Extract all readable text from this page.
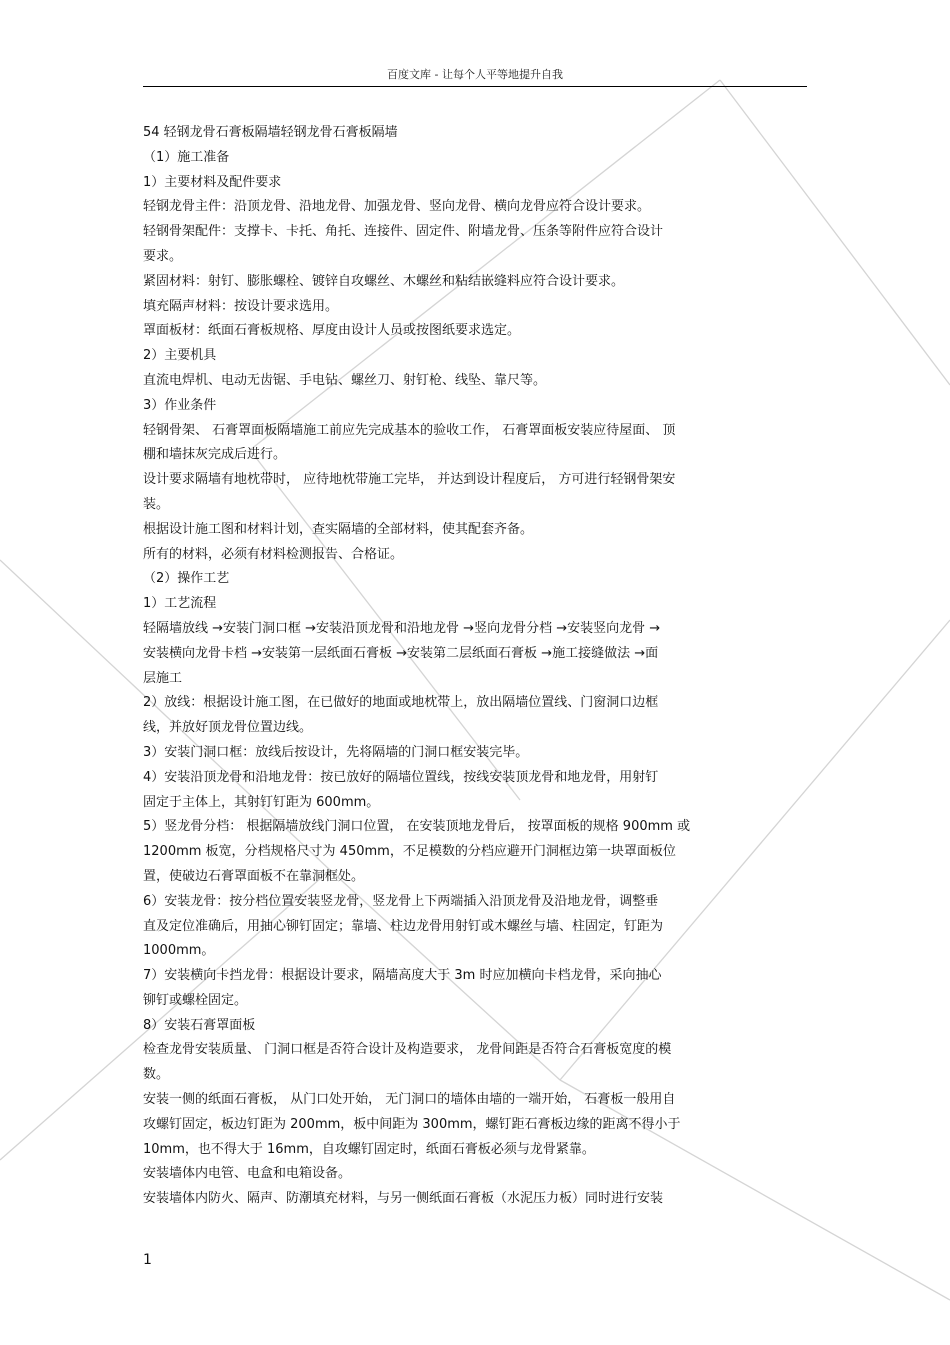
百度文库 - 让每个人平等地提升自我

54 轻钢龙骨石膏板隔墙轻钢龙骨石膏板隔墙

（1）施工准备

1）主要材料及配件要求

轻钢龙骨主件：沿顶龙骨、沿地龙骨、加强龙骨、竖向龙骨、横向龙骨应符合设计要求。

轻钢骨架配件：支撑卡、卡托、角托、连接件、固定件、附墙龙骨、压条等附件应符合设计

要求。

紧固材料：射钉、膨胀螺栓、镀锌自攻螺丝、木螺丝和粘结嵌缝料应符合设计要求。

填充隔声材料：按设计要求选用。

罩面板材：纸面石膏板规格、厚度由设计人员或按图纸要求选定。

2）主要机具

直流电焊机、电动无齿锯、手电钻、螺丝刀、射钉枪、线坠、靠尺等。

3）作业条件

轻钢骨架、 石膏罩面板隔墙施工前应先完成基本的验收工作， 石膏罩面板安装应待屋面、 顶

棚和墙抹灰完成后进行。

设计要求隔墙有地枕带时， 应待地枕带施工完毕， 并达到设计程度后， 方可进行轻钢骨架安

装。

根据设计施工图和材料计划，查实隔墙的全部材料，使其配套齐备。

所有的材料，必须有材料检测报告、合格证。

（2）操作工艺

1）工艺流程

轻隔墙放线 →安装门洞口框 →安装沿顶龙骨和沿地龙骨 →竖向龙骨分档 →安装竖向龙骨 →

安装横向龙骨卡档 →安装第一层纸面石膏板 →安装第二层纸面石膏板 →施工接缝做法 →面

层施工

2）放线：根据设计施工图，在已做好的地面或地枕带上，放出隔墙位置线、门窗洞口边框

线，并放好顶龙骨位置边线。

3）安装门洞口框：放线后按设计，先将隔墙的门洞口框安装完毕。

4）安装沿顶龙骨和沿地龙骨：按已放好的隔墙位置线，按线安装顶龙骨和地龙骨，用射钉

固定于主体上，其射钉钉距为 600mm。

5）竖龙骨分档： 根据隔墙放线门洞口位置， 在安装顶地龙骨后， 按罩面板的规格 900mm 或

1200mm 板宽，分档规格尺寸为 450mm，不足模数的分档应避开门洞框边第一块罩面板位

置，使破边石膏罩面板不在靠洞框处。

6）安装龙骨：按分档位置安装竖龙骨，竖龙骨上下两端插入沿顶龙骨及沿地龙骨，调整垂

直及定位准确后，用抽心铆钉固定；靠墙、柱边龙骨用射钉或木螺丝与墙、柱固定，钉距为

1000mm。

7）安装横向卡挡龙骨：根据设计要求，隔墙高度大于 3m 时应加横向卡档龙骨，采向抽心

铆钉或螺栓固定。

8）安装石膏罩面板

检查龙骨安装质量、 门洞口框是否符合设计及构造要求， 龙骨间距是否符合石膏板宽度的模

数。

安装一侧的纸面石膏板， 从门口处开始， 无门洞口的墙体由墙的一端开始， 石膏板一般用自

攻螺钉固定，板边钉距为 200mm，板中间距为 300mm，螺钉距石膏板边缘的距离不得小于

10mm，也不得大于 16mm，自攻螺钉固定时，纸面石膏板必须与龙骨紧靠。

安装墙体内电管、电盒和电箱设备。

安装墙体内防火、隔声、防潮填充材料，与另一侧纸面石膏板（水泥压力板）同时进行安装

1
